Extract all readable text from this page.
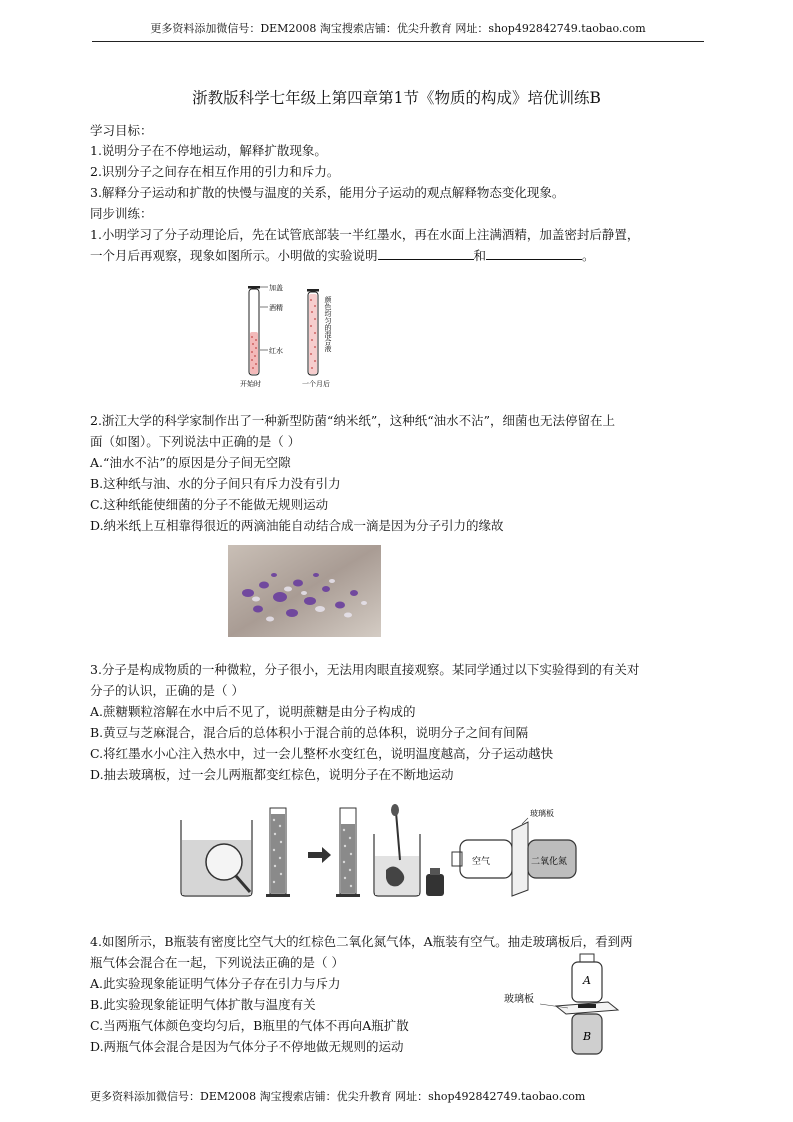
更多资料添加微信号：DEM2008 淘宝搜索店铺：优尖升教育 网址：shop492842749.taobao.com
浙教版科学七年级上第四章第1节《物质的构成》培优训练B
学习目标：
1.说明分子在不停地运动，解释扩散现象。
2.识别分子之间存在相互作用的引力和斥力。
3.解释分子运动和扩散的快慢与温度的关系，能用分子运动的观点解释物态变化现象。
同步训练：
1.小明学习了分子动理论后，先在试管底部装一半红墨水，再在水面上注满酒精，加盖密封后静置，
一个月后再观察，现象如图所示。小明做的实验说明	和	。
加盖
酒精
红水
开始时	一个月后
颜色均匀的混合液
2.浙江大学的科学家制作出了一种新型防菌“纳米纸”，这种纸“油水不沾”，细菌也无法停留在上
面（如图）。下列说法中正确的是（ ）
A.“油水不沾”的原因是分子间无空隙
B.这种纸与油、水的分子间只有斥力没有引力
C.这种纸能使细菌的分子不能做无规则运动
D.纳米纸上互相靠得很近的两滴油能自动结合成一滴是因为分子引力的缘故
3.分子是构成物质的一种微粒，分子很小，无法用肉眼直接观察。某同学通过以下实验得到的有关对
分子的认识，正确的是（ ）
A.蔗糖颗粒溶解在水中后不见了，说明蔗糖是由分子构成的
B.黄豆与芝麻混合，混合后的总体积小于混合前的总体积，说明分子之间有间隔
C.将红墨水小心注入热水中，过一会儿整杯水变红色，说明温度越高，分子运动越快
D.抽去玻璃板，过一会儿两瓶都变红棕色，说明分子在不断地运动
空气	二氧化氮
玻璃板
4.如图所示，B瓶装有密度比空气大的红棕色二氧化氮气体，A瓶装有空气。抽走玻璃板后，看到两
瓶气体会混合在一起，下列说法正确的是（ ）
A.此实验现象能证明气体分子存在引力与斥力
B.此实验现象能证明气体扩散与温度有关
C.当两瓶气体颜色变均匀后，B瓶里的气体不再向A瓶扩散
D.两瓶气体会混合是因为气体分子不停地做无规则的运动
A
玻璃板
B
更多资料添加微信号：DEM2008 淘宝搜索店铺：优尖升教育 网址：shop492842749.taobao.com
